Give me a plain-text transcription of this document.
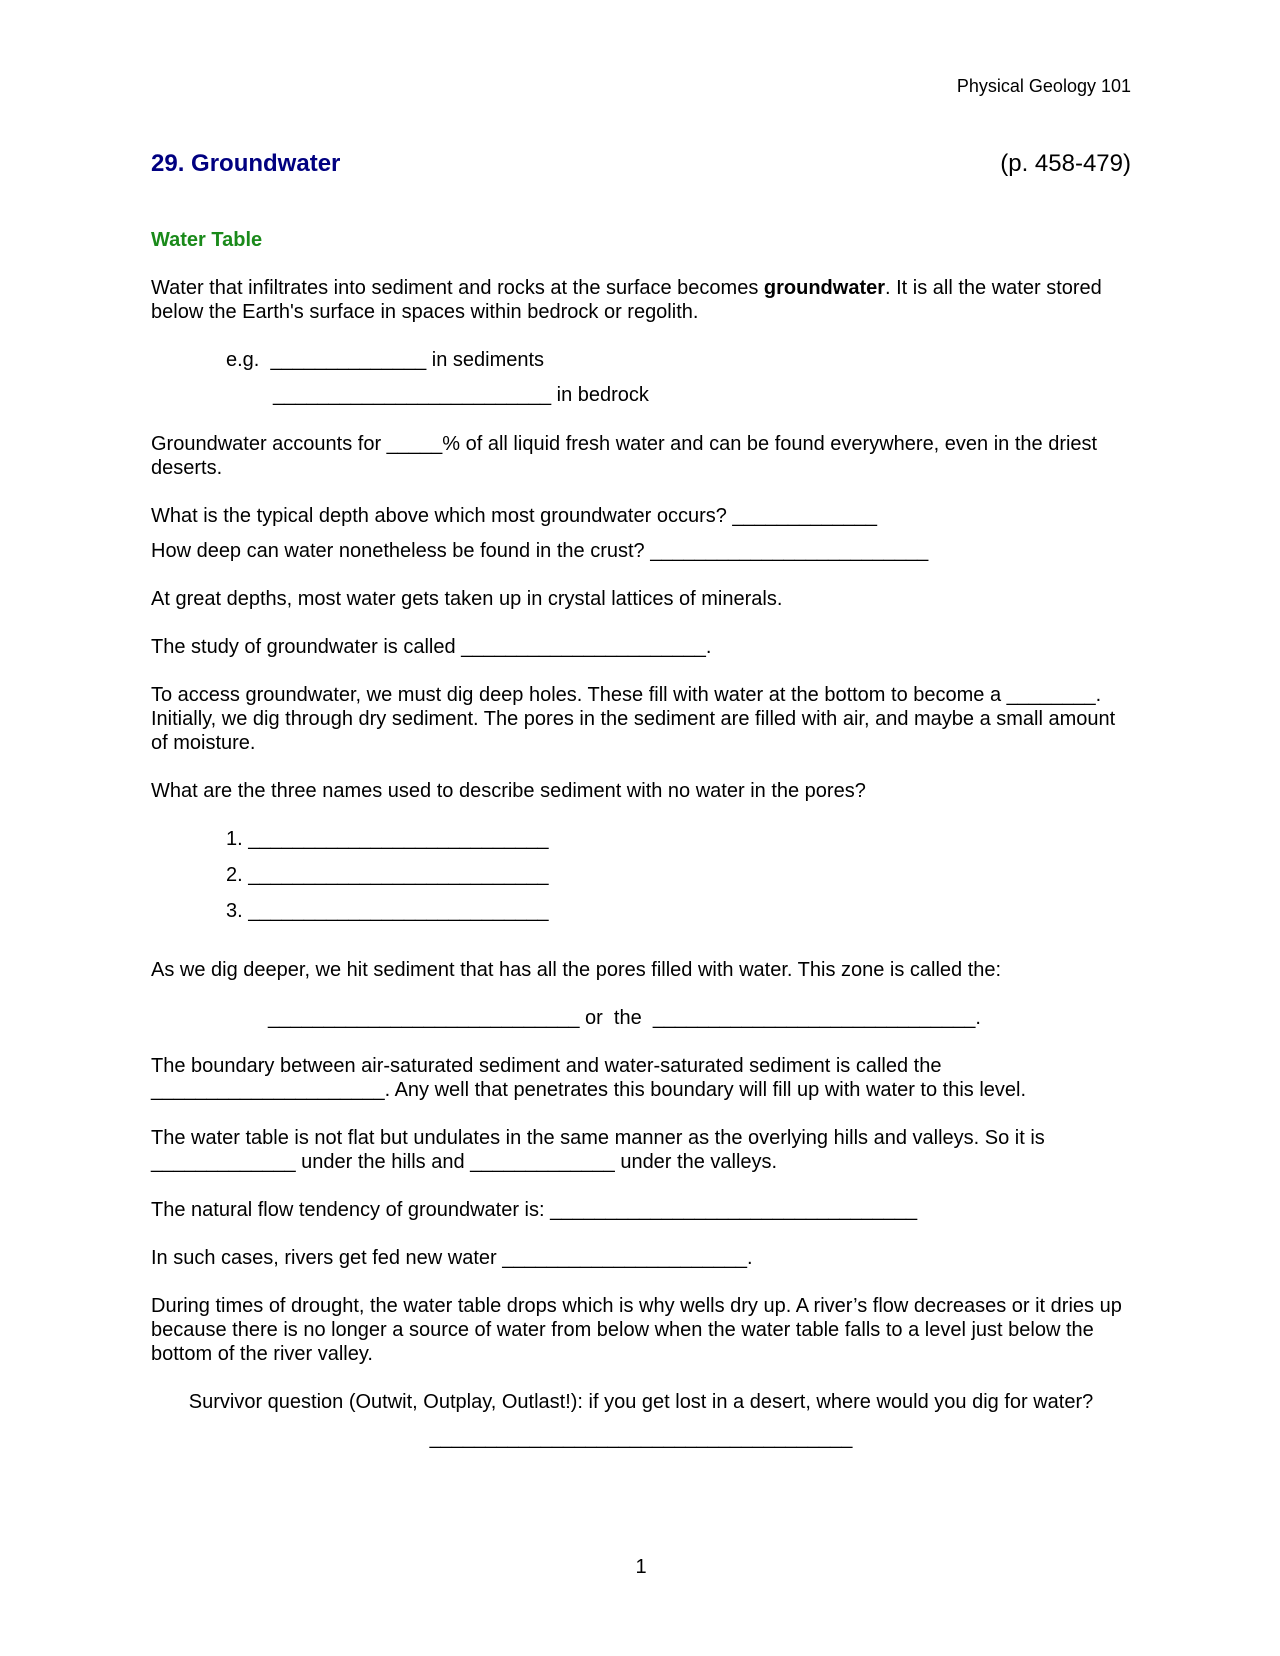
Physical Geology 101
29. Groundwater	(p. 458-479)
Water Table

Water that infiltrates into sediment and rocks at the surface becomes groundwater. It is all the water stored below the Earth's surface in spaces within bedrock or regolith.

e.g.  ______________ in sediments

_________________________ in bedrock

Groundwater accounts for _____% of all liquid fresh water and can be found everywhere, even in the driest deserts.

What is the typical depth above which most groundwater occurs? _____________

How deep can water nonetheless be found in the crust? _________________________

At great depths, most water gets taken up in crystal lattices of minerals.

The study of groundwater is called ______________________.

To access groundwater, we must dig deep holes. These fill with water at the bottom to become a ________.  Initially, we dig through dry sediment. The pores in the sediment are filled with air, and maybe a small amount of moisture.

What are the three names used to describe sediment with no water in the pores?

1. ___________________________

2. ___________________________

3. ___________________________

As we dig deeper, we hit sediment that has all the pores filled with water. This zone is called the:

____________________________ or  the  _____________________________.

The boundary between air-saturated sediment and water-saturated sediment is called the _____________________. Any well that penetrates this boundary will fill up with water to this level.

The water table is not flat but undulates in the same manner as the overlying hills and valleys. So it is _____________ under the hills and _____________ under the valleys.

The natural flow tendency of groundwater is: _________________________________

In such cases, rivers get fed new water ______________________.

During times of drought, the water table drops which is why wells dry up. A river’s flow decreases or it dries up because there is no longer a source of water from below when the water table falls to a level just below the bottom of the river valley.

Survivor question (Outwit, Outplay, Outlast!): if you get lost in a desert, where would you dig for water?

______________________________________

1
